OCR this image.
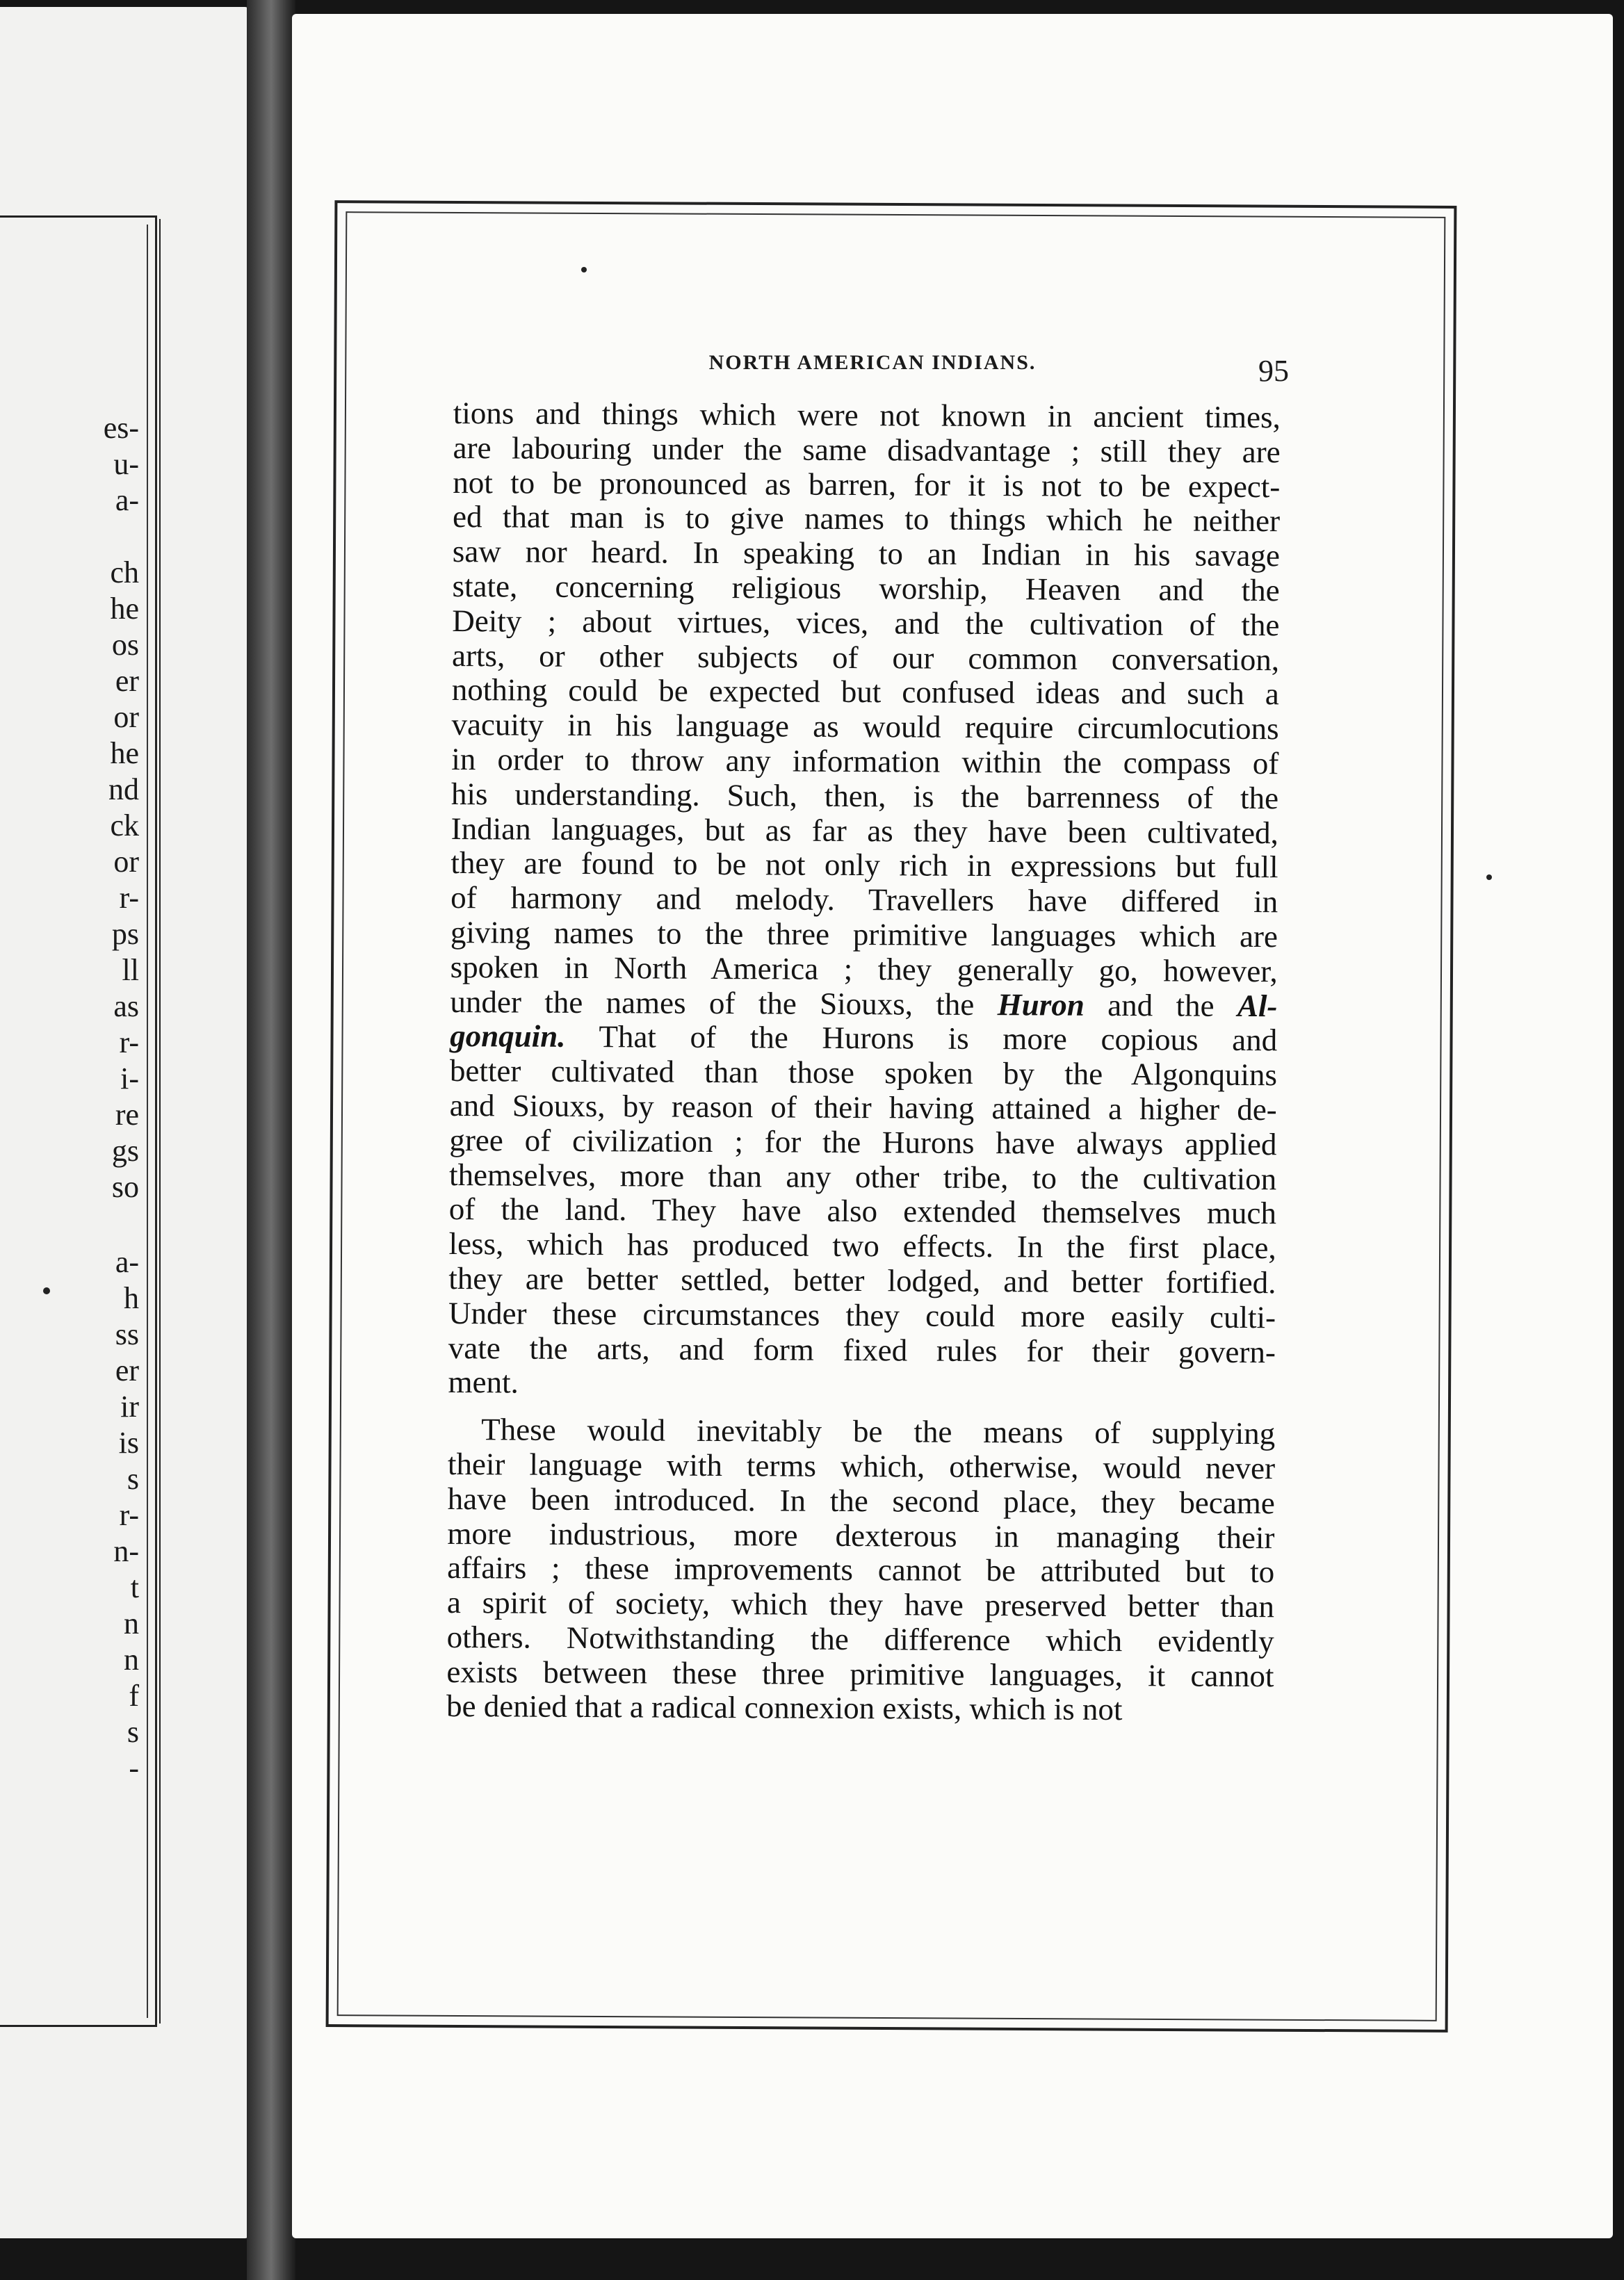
es-
u-
a-
ch
he
os
er
or
he
nd
ck
or
r-
ps
ll
as
r-
i-
re
gs
so
a-
h
ss
er
ir
is
s
r-
n-
t
n
n
f
s
-
NORTH AMERICAN INDIANS.	95
tions and things which were not known in ancient times,
are labouring under the same disadvantage ; still they are
not to be pronounced as barren, for it is not to be expect-
ed that man is to give names to things which he neither
saw nor heard. In speaking to an Indian in his savage
state, concerning religious worship, Heaven and the
Deity ; about virtues, vices, and the cultivation of the
arts, or other subjects of our common conversation,
nothing could be expected but confused ideas and such a
vacuity in his language as would require circumlocutions
in order to throw any information within the compass of
his understanding. Such, then, is the barrenness of the
Indian languages, but as far as they have been cultivated,
they are found to be not only rich in expressions but full
of harmony and melody. Travellers have differed in
giving names to the three primitive languages which are
spoken in North America ; they generally go, however,
under the names of the Siouxs, the Huron and the Al-
gonquin. That of the Hurons is more copious and
better cultivated than those spoken by the Algonquins
and Siouxs, by reason of their having attained a higher de-
gree of civilization ; for the Hurons have always applied
themselves, more than any other tribe, to the cultivation
of the land. They have also extended themselves much
less, which has produced two effects. In the first place,
they are better settled, better lodged, and better fortified.
Under these circumstances they could more easily culti-
vate the arts, and form fixed rules for their govern-
ment.
These would inevitably be the means of supplying
their language with terms which, otherwise, would never
have been introduced. In the second place, they became
more industrious, more dexterous in managing their
affairs ; these improvements cannot be attributed but to
a spirit of society, which they have preserved better than
others. Notwithstanding the difference which evidently
exists between these three primitive languages, it cannot
be denied that a radical connexion exists, which is not
